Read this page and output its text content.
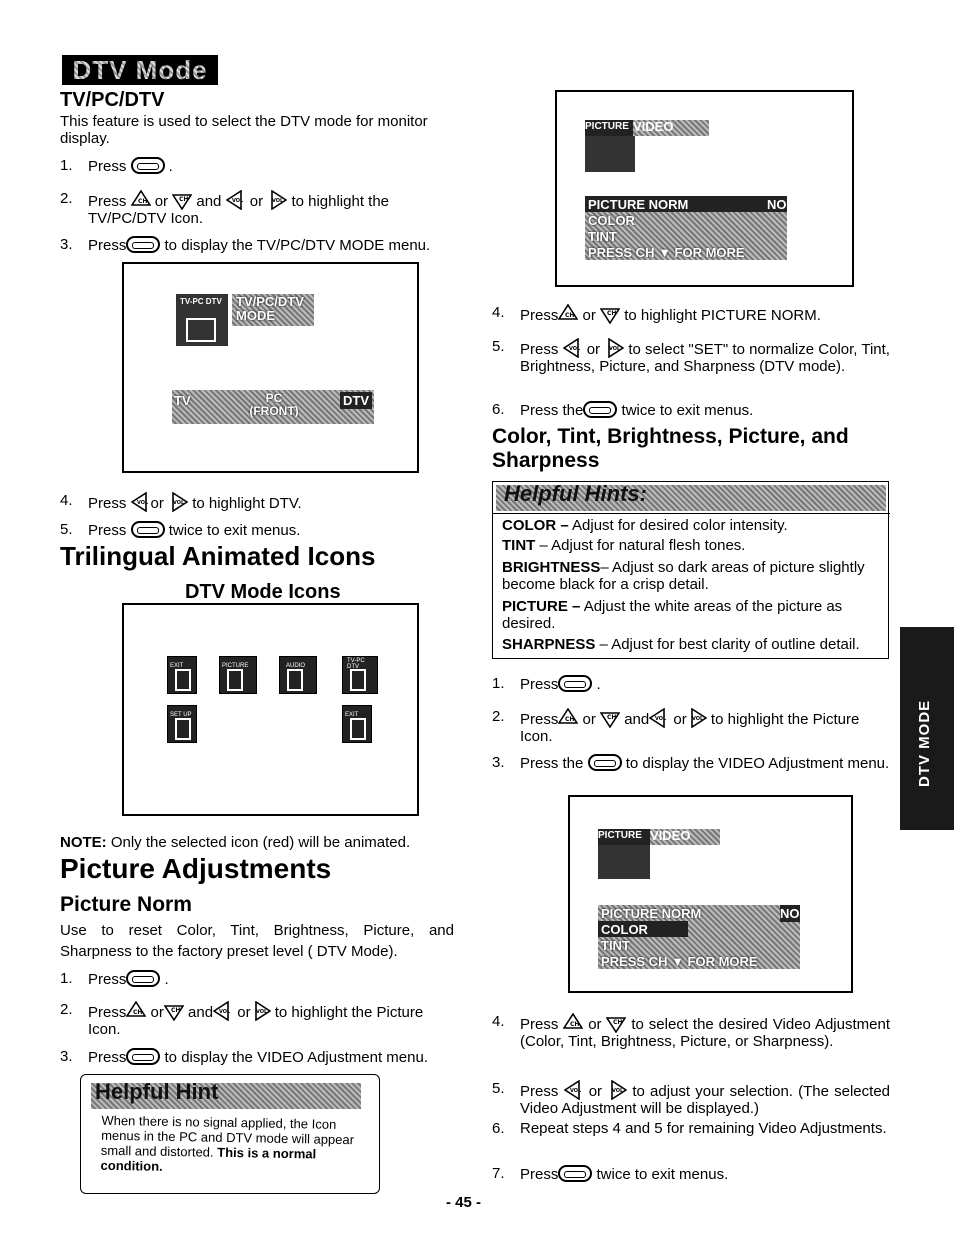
DTV Mode
TV/PC/DTV
This feature is used to select the DTV mode for monitor display.
1.	Press	.
2.	Press or and or to highlight the TV/PC/DTV Icon.
3.	Press	to display the TV/PC/DTV MODE menu.
TV-PC DTV TV/PC/DTV MODE
TV	PC (FRONT)
DTV
4.	Press or to highlight DTV.
5.	Press	twice to exit menus.
Trilingual Animated Icons
DTV Mode Icons
EXIT	PICTURE	AUDIO
TV-PC DTV
SET UP	EXIT
NOTE: Only the selected icon (red) will be animated.
Picture Adjustments
Picture Norm
Use to reset Color, Tint, Brightness, Picture, and Sharpness to the factory preset level ( DTV Mode).
1.	Press .
2.	Press or and or to highlight the Picture Icon.
3.	Press	to display the VIDEO Adjustment menu.
Helpful Hint
When there is no signal applied, the Icon menus in the PC and DTV mode will appear small and distorted. This is a normal condition.
PICTURE VIDEO
PICTURE NORM	NO
COLOR
TINT
PRESS CH ▼ FOR MORE
4.	Press or to highlight PICTURE NORM.
5.	Press or to select "SET" to normalize Color, Tint, Brightness, Picture, and Sharpness (DTV mode).
6.	Press the	twice to exit menus.
Color, Tint, Brightness, Picture, and Sharpness
Helpful Hints:
COLOR – Adjust for desired color intensity.
TINT – Adjust for natural flesh tones.
BRIGHTNESS– Adjust so dark areas of picture slightly become black for a crisp detail.
PICTURE – Adjust the white areas of the picture as desired.
SHARPNESS – Adjust for best clarity of outline detail.
1.	Press .
2.	Press or and or to highlight the Picture Icon.
3.	Press the	to display the VIDEO Adjustment menu.
PICTURE VIDEO
PICTURE NORM	NO
COLOR
TINT
PRESS CH ▼ FOR MORE
4.	Press or to select the desired Video Adjustment (Color, Tint, Brightness, Picture, or Sharpness).
5.	Press or to adjust your selection. (The selected Video Adjustment will be displayed.)
6.	Repeat steps 4 and 5 for remaining Video Adjustments.
7.	Press	twice to exit menus.
DTV MODE
- 45 -
